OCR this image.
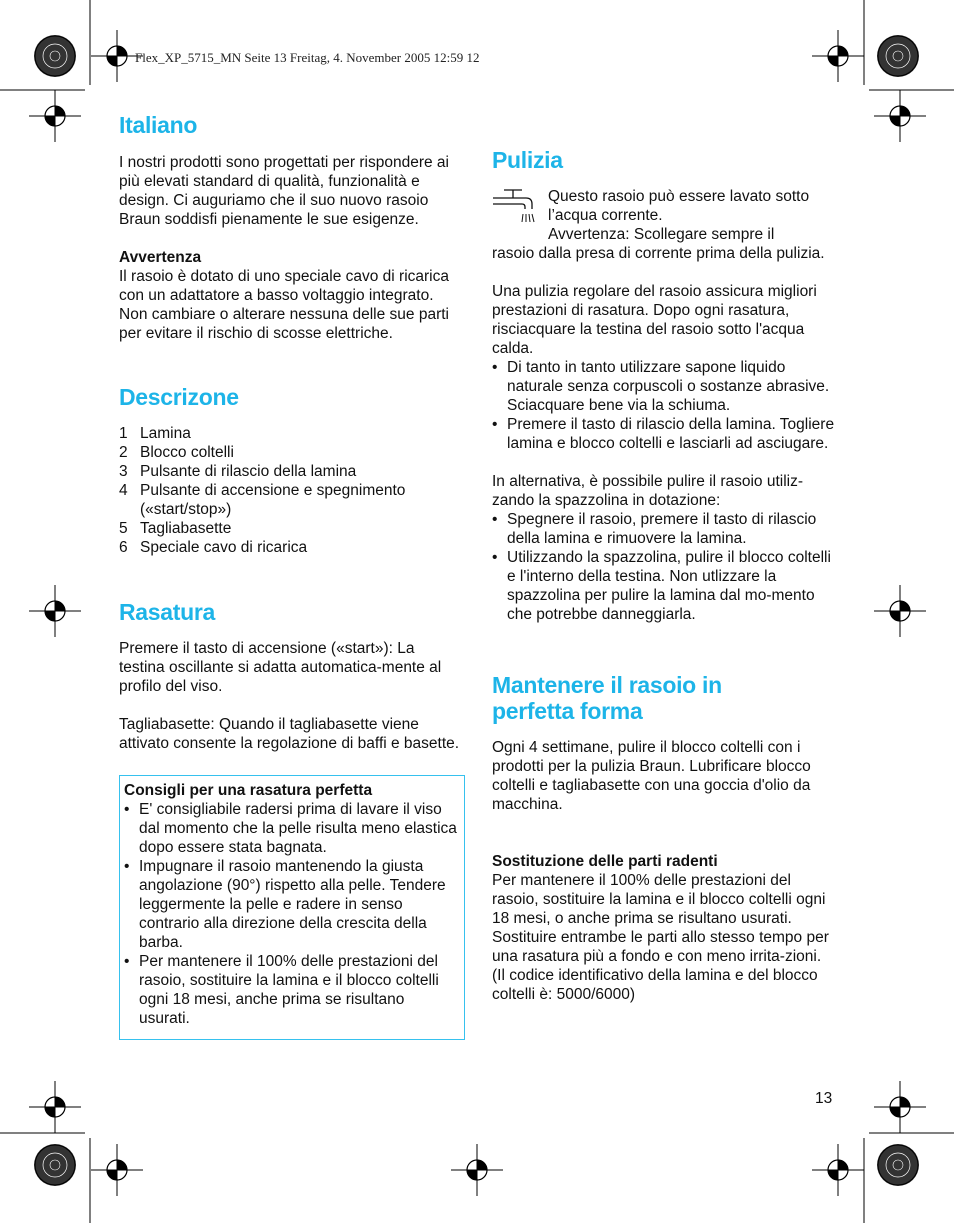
Flex_XP_5715_MN Seite 13 Freitag, 4. November 2005 12:59 12
Italiano

I nostri prodotti sono progettati per rispondere ai più elevati standard di qualità, funzionalità e design. Ci auguriamo che il suo nuovo rasoio Braun soddisfi pienamente le sue esigenze.

Avvertenza

Il rasoio è dotato di uno speciale cavo di ricarica con un adattatore a basso voltaggio integrato. Non cambiare o alterare nessuna delle sue parti per evitare il rischio di scosse elettriche.

Descrizone
1 Lamina
2 Blocco coltelli
3 Pulsante di rilascio della lamina
4 Pulsante di accensione e spegnimento («start/stop»)
5 Tagliabasette
6 Speciale cavo di ricarica
Rasatura

Premere il tasto di accensione («start»): La testina oscillante si adatta automatica-mente al profilo del viso.

Tagliabasette: Quando il tagliabasette viene attivato consente la regolazione di baffi e basette.

Consigli per una rasatura perfetta

• E' consigliabile radersi prima di lavare il viso dal momento che la pelle risulta meno elastica dopo essere stata bagnata.
• Impugnare il rasoio mantenendo la giusta angolazione (90°) rispetto alla pelle. Tendere leggermente la pelle e radere in senso contrario alla direzione della crescita della barba.
• Per mantenere il 100% delle prestazioni del rasoio, sostituire la lamina e il blocco coltelli ogni 18 mesi, anche prima se risultano usurati.
Pulizia

Questo rasoio può essere lavato sotto l’acqua corrente.

Avvertenza: Scollegare sempre il

rasoio dalla presa di corrente prima della pulizia.

Una pulizia regolare del rasoio assicura migliori prestazioni di rasatura. Dopo ogni rasatura, risciacquare la testina del rasoio sotto l'acqua calda.

• Di tanto in tanto utilizzare sapone liquido naturale senza corpuscoli o sostanze abrasive. Sciacquare bene via la schiuma.
• Premere il tasto di rilascio della lamina. Togliere lamina e blocco coltelli e lasciarli ad asciugare.

In alternativa, è possibile pulire il rasoio utiliz-zando la spazzolina in dotazione:

• Spegnere il rasoio, premere il tasto di rilascio della lamina e rimuovere la lamina.
• Utilizzando la spazzolina, pulire il blocco coltelli e l'interno della testina. Non utlizzare la spazzolina per pulire la lamina dal mo-mento che potrebbe danneggiarla.
Mantenere il rasoio in perfetta forma

Ogni 4 settimane, pulire il blocco coltelli con i prodotti per la pulizia Braun. Lubrificare blocco coltelli e tagliabasette con una goccia d'olio da macchina.

Sostituzione delle parti radenti

Per mantenere il 100% delle prestazioni del rasoio, sostituire la lamina e il blocco coltelli ogni 18 mesi, o anche prima se risultano usurati. Sostituire entrambe le parti allo stesso tempo per una rasatura più a fondo e con meno irrita-zioni.

(Il codice identificativo della lamina e del blocco coltelli è: 5000/6000)

13
